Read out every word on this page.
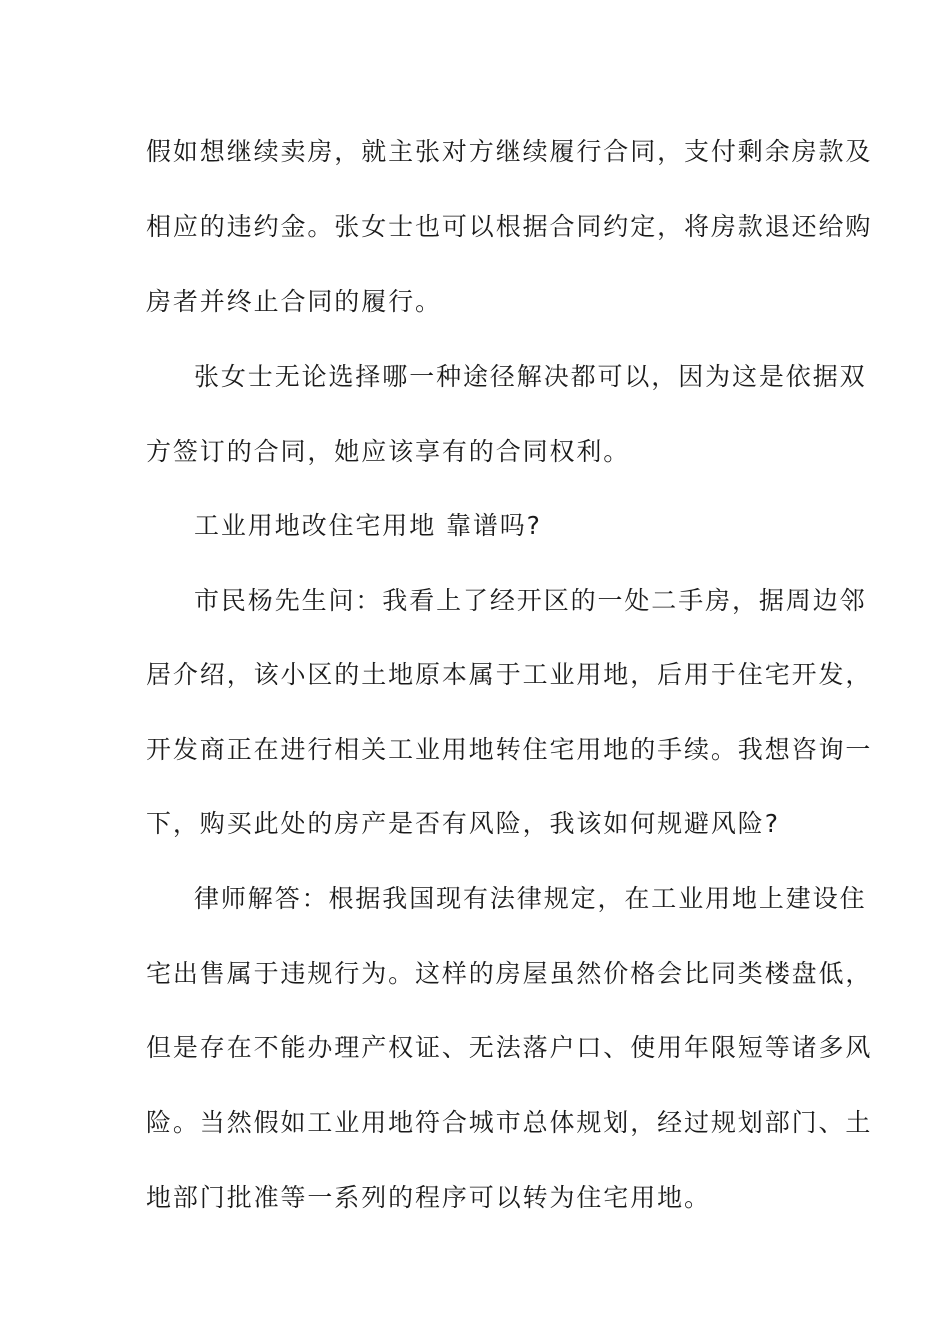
假如想继续卖房，就主张对方继续履行合同，支付剩余房款及
相应的违约金。张女士也可以根据合同约定，将房款退还给购
房者并终止合同的履行。
张女士无论选择哪一种途径解决都可以，因为这是依据双
方签订的合同，她应该享有的合同权利。
工业用地改住宅用地 靠谱吗?
市民杨先生问：我看上了经开区的一处二手房，据周边邻
居介绍，该小区的土地原本属于工业用地，后用于住宅开发，
开发商正在进行相关工业用地转住宅用地的手续。我想咨询一
下，购买此处的房产是否有风险，我该如何规避风险?
律师解答：根据我国现有法律规定，在工业用地上建设住
宅出售属于违规行为。这样的房屋虽然价格会比同类楼盘低，
但是存在不能办理产权证、无法落户口、使用年限短等诸多风
险。当然假如工业用地符合城市总体规划，经过规划部门、土
地部门批准等一系列的程序可以转为住宅用地。
